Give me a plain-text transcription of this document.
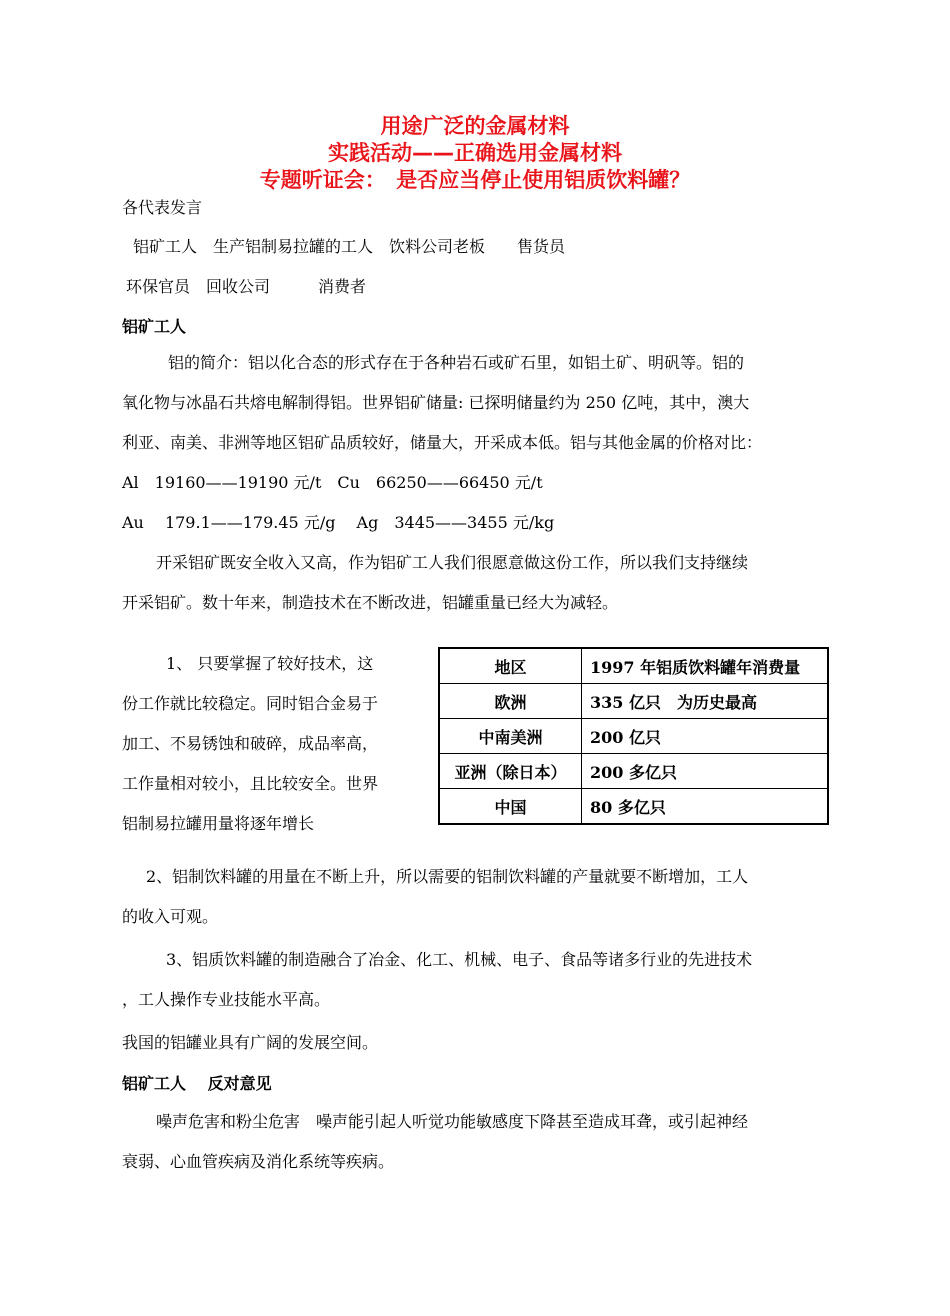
用途广泛的金属材料
实践活动——正确选用金属材料
专题听证会：　是否应当停止使用铝质饮料罐？
各代表发言
铝矿工人　生产铝制易拉罐的工人　饮料公司老板　　售货员
环保官员　回收公司　　　消费者
铝矿工人

铝的简介：铝以化合态的形式存在于各种岩石或矿石里，如铝土矿、明矾等。铝的

氧化物与冰晶石共熔电解制得铝。世界铝矿储量: 已探明储量约为 250 亿吨，其中，澳大

利亚、南美、非洲等地区铝矿品质较好，储量大，开采成本低。铝与其他金属的价格对比：

Al　19160——19190 元/t　Cu　66250——66450 元/t

Au　 179.1——179.45 元/g　 Ag　3445——3455 元/kg

开采铝矿既安全收入又高，作为铝矿工人我们很愿意做这份工作，所以我们支持继续

开采铝矿。数十年来，制造技术在不断改进，铝罐重量已经大为减轻。

1、 只要掌握了较好技术，这
份工作就比较稳定。同时铝合金易于
加工、不易锈蚀和破碎，成品率高，
工作量相对较小，且比较安全。世界
铝制易拉罐用量将逐年增长
地区	1997 年铝质饮料罐年消费量
欧洲	335 亿只　为历史最高
中南美洲	200 亿只
亚洲（除日本）	200 多亿只
中国	80 多亿只

2、铝制饮料罐的用量在不断上升，所以需要的铝制饮料罐的产量就要不断增加，工人

的收入可观。

3、铝质饮料罐的制造融合了冶金、化工、机械、电子、食品等诸多行业的先进技术

，工人操作专业技能水平高。

我国的铝罐业具有广阔的发展空间。
铝矿工人　 反对意见

噪声危害和粉尘危害　噪声能引起人听觉功能敏感度下降甚至造成耳聋，或引起神经

衰弱、心血管疾病及消化系统等疾病。
